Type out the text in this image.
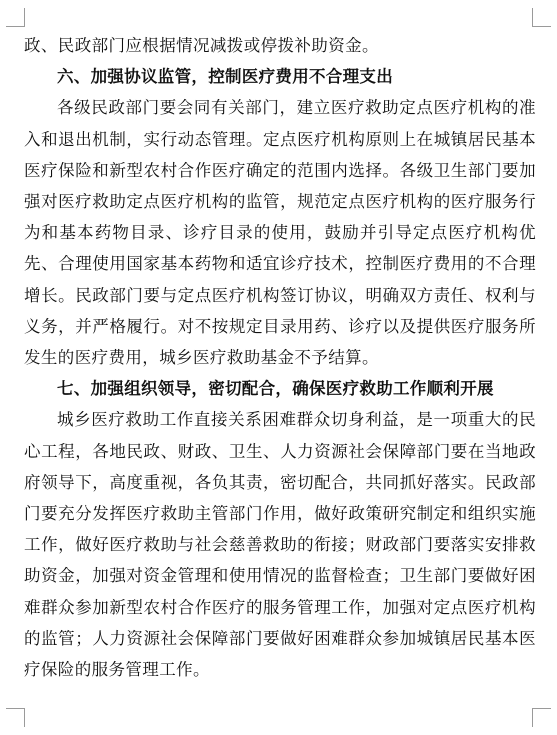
政、民政部门应根据情况减拨或停拨补助资金。

六、加强协议监管，控制医疗费用不合理支出

各级民政部门要会同有关部门，建立医疗救助定点医疗机构的准入和退出机制，实行动态管理。定点医疗机构原则上在城镇居民基本医疗保险和新型农村合作医疗确定的范围内选择。各级卫生部门要加强对医疗救助定点医疗机构的监管，规范定点医疗机构的医疗服务行为和基本药物目录、诊疗目录的使用，鼓励并引导定点医疗机构优先、合理使用国家基本药物和适宜诊疗技术，控制医疗费用的不合理增长。民政部门要与定点医疗机构签订协议，明确双方责任、权利与义务，并严格履行。对不按规定目录用药、诊疗以及提供医疗服务所发生的医疗费用，城乡医疗救助基金不予结算。

七、加强组织领导，密切配合，确保医疗救助工作顺利开展

城乡医疗救助工作直接关系困难群众切身利益，是一项重大的民心工程，各地民政、财政、卫生、人力资源社会保障部门要在当地政府领导下，高度重视，各负其责，密切配合，共同抓好落实。民政部门要充分发挥医疗救助主管部门作用，做好政策研究制定和组织实施工作，做好医疗救助与社会慈善救助的衔接；财政部门要落实安排救助资金，加强对资金管理和使用情况的监督检查；卫生部门要做好困难群众参加新型农村合作医疗的服务管理工作，加强对定点医疗机构的监管；人力资源社会保障部门要做好困难群众参加城镇居民基本医疗保险的服务管理工作。
